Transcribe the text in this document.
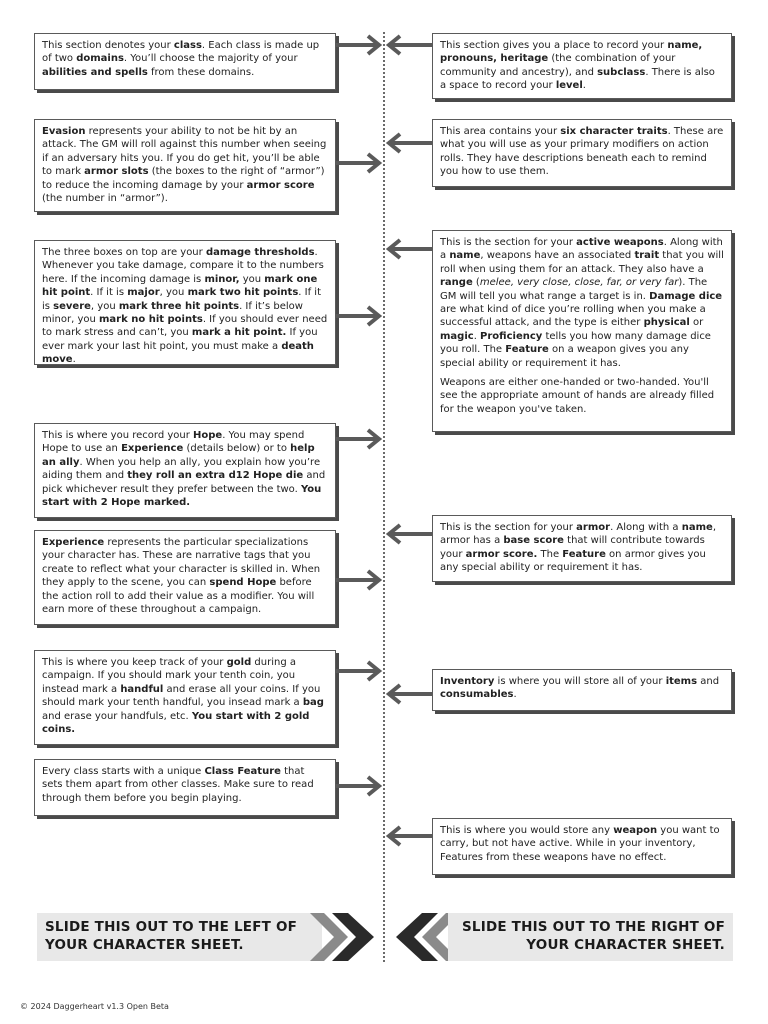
This section denotes your class. Each class is made up of two domains. You’ll choose the majority of your abilities and spells from these domains.

Evasion represents your ability to not be hit by an attack. The GM will roll against this number when seeing if an adversary hits you. If you do get hit, you’ll be able to mark armor slots (the boxes to the right of “armor”) to reduce the incoming damage by your armor score (the number in “armor”).

The three boxes on top are your damage thresholds. Whenever you take damage, compare it to the numbers here. If the incoming damage is minor, you mark one hit point. If it is major, you mark two hit points. If it is severe, you mark three hit points. If it’s below minor, you mark no hit points. If you should ever need to mark stress and can’t, you mark a hit point. If you ever mark your last hit point, you must make a death move.

This is where you record your Hope. You may spend Hope to use an Experience (details below) or to help an ally. When you help an ally, you explain how you’re aiding them and they roll an extra d12 Hope die and pick whichever result they prefer between the two. You start with 2 Hope marked.

Experience represents the particular specializations your character has. These are narrative tags that you create to reflect what your character is skilled in. When they apply to the scene, you can spend Hope before the action roll to add their value as a modifier. You will earn more of these throughout a campaign.

This is where you keep track of your gold during a campaign. If you should mark your tenth coin, you instead mark a handful and erase all your coins. If you should mark your tenth handful, you insead mark a bag and erase your handfuls, etc. You start with 2 gold coins.

Every class starts with a unique Class Feature that sets them apart from other classes. Make sure to read through them before you begin playing.

This section gives you a place to record your name, pronouns, heritage (the combination of your community and ancestry), and subclass. There is also a space to record your level.

This area contains your six character traits. These are what you will use as your primary modifiers on action rolls. They have descriptions beneath each to remind you how to use them.

This is the section for your active weapons. Along with a name, weapons have an associated trait that you will roll when using them for an attack. They also have a range (melee, very close, close, far, or very far). The GM will tell you what range a target is in. Damage dice are what kind of dice you’re rolling when you make a successful attack, and the type is either physical or magic. Proficiency tells you how many damage dice you roll. The Feature on a weapon gives you any special ability or requirement it has.

Weapons are either one-handed or two-handed. You'll see the appropriate amount of hands are already filled for the weapon you've taken.

This is the section for your armor. Along with a name, armor has a base score that will contribute towards your armor score. The Feature on armor gives you any special ability or requirement it has.

Inventory is where you will store all of your items and consumables.

This is where you would store any weapon you want to carry, but not have active. While in your inventory, Features from these weapons have no effect.

SLIDE THIS OUT TO THE LEFT OF
YOUR CHARACTER SHEET.
SLIDE THIS OUT TO THE RIGHT OF
YOUR CHARACTER SHEET.
© 2024 Daggerheart v1.3 Open Beta
